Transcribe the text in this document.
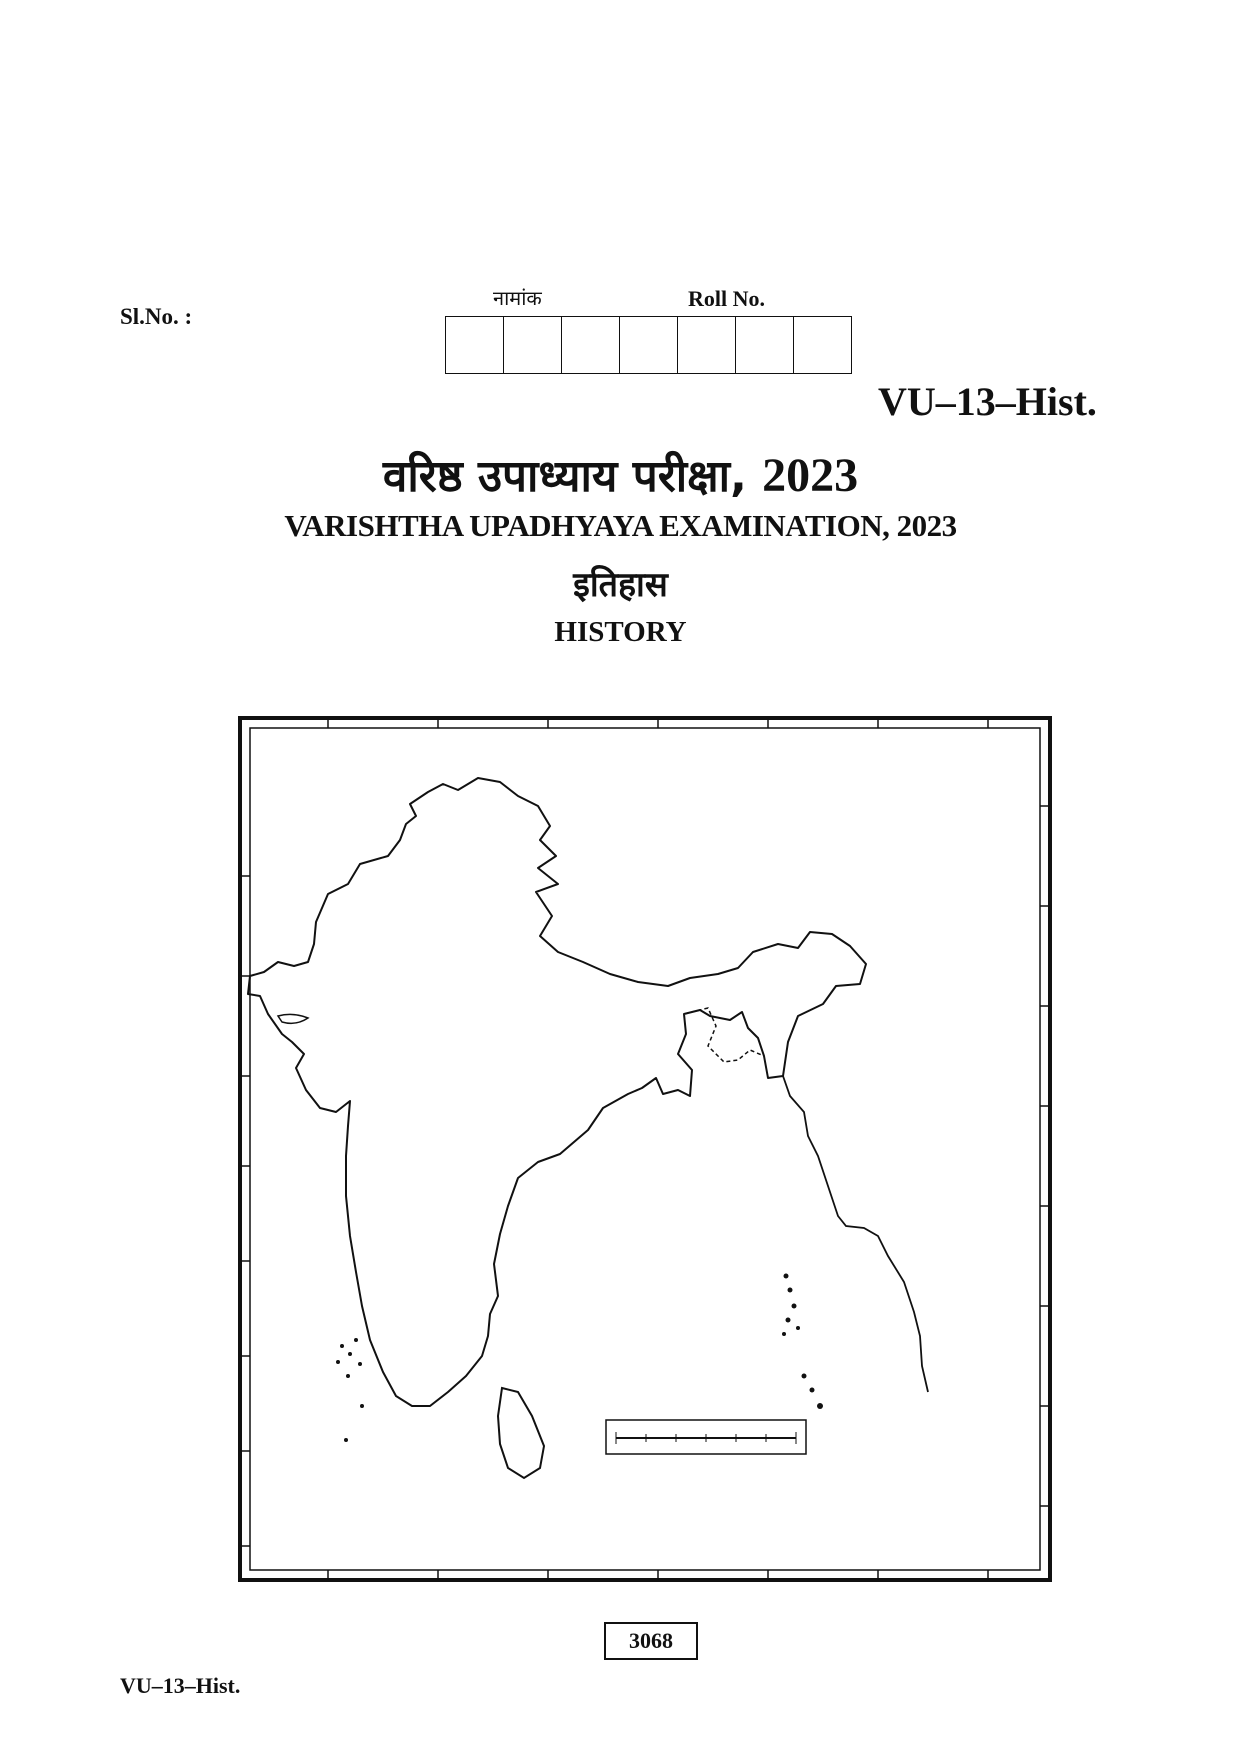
Sl.No. :
नामांक	Roll No.
VU–13–Hist.
वरिष्ठ उपाध्याय परीक्षा, 2023
VARISHTHA UPADHYAYA EXAMINATION, 2023
इतिहास
HISTORY
3068
VU–13–Hist.
